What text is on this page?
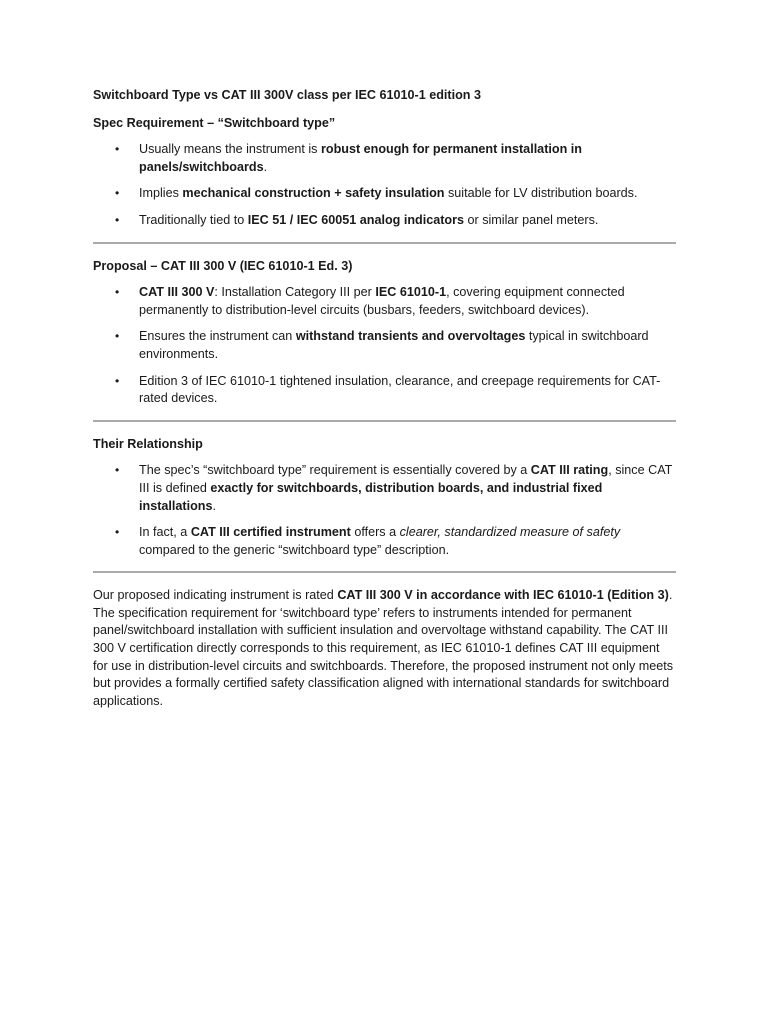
Switchboard Type vs CAT III 300V class per IEC 61010-1 edition 3
Spec Requirement – “Switchboard type”
• Usually means the instrument is robust enough for permanent installation in panels/switchboards.
• Implies mechanical construction + safety insulation suitable for LV distribution boards.
• Traditionally tied to IEC 51 / IEC 60051 analog indicators or similar panel meters.
Proposal – CAT III 300 V (IEC 61010-1 Ed. 3)
• CAT III 300 V: Installation Category III per IEC 61010-1, covering equipment connected permanently to distribution-level circuits (busbars, feeders, switchboard devices).
• Ensures the instrument can withstand transients and overvoltages typical in switchboard environments.
• Edition 3 of IEC 61010-1 tightened insulation, clearance, and creepage requirements for CAT-rated devices.
Their Relationship
• The spec’s “switchboard type” requirement is essentially covered by a CAT III rating, since CAT III is defined exactly for switchboards, distribution boards, and industrial fixed installations.
• In fact, a CAT III certified instrument offers a clearer, standardized measure of safety compared to the generic “switchboard type” description.

Our proposed indicating instrument is rated CAT III 300 V in accordance with IEC 61010-1 (Edition 3). The specification requirement for ‘switchboard type’ refers to instruments intended for permanent panel/switchboard installation with sufficient insulation and overvoltage withstand capability. The CAT III 300 V certification directly corresponds to this requirement, as IEC 61010-1 defines CAT III equipment for use in distribution-level circuits and switchboards. Therefore, the proposed instrument not only meets but provides a formally certified safety classification aligned with international standards for switchboard applications.
